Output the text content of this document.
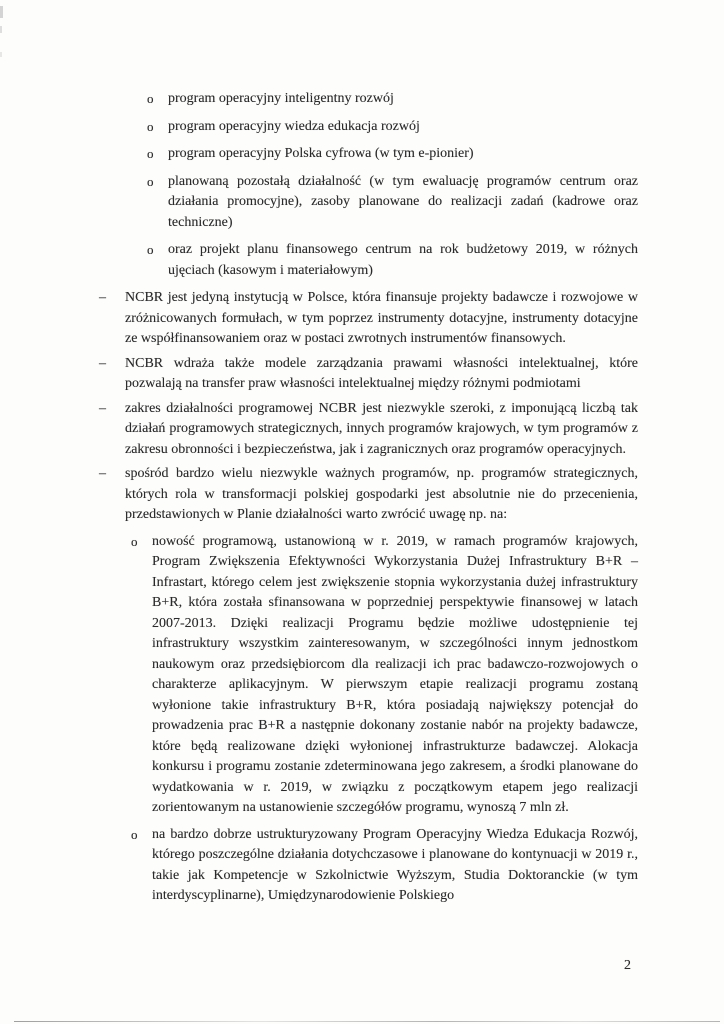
o	program operacyjny inteligentny rozwój
o	program operacyjny wiedza edukacja rozwój
o	program operacyjny Polska cyfrowa (w tym e-pionier)
o	planowaną pozostałą działalność (w tym ewaluację programów centrum oraz działania promocyjne), zasoby planowane do realizacji zadań (kadrowe oraz techniczne)
o	oraz projekt planu finansowego centrum na rok budżetowy 2019, w różnych ujęciach (kasowym i materiałowym)
–	NCBR jest jedyną instytucją w Polsce, która finansuje projekty badawcze i rozwojowe w zróżnicowanych formułach, w tym poprzez instrumenty dotacyjne, instrumenty dotacyjne ze współfinansowaniem oraz w postaci zwrotnych instrumentów finansowych.
–	NCBR wdraża także modele zarządzania prawami własności intelektualnej, które pozwalają na transfer praw własności intelektualnej między różnymi podmiotami
–	zakres działalności programowej NCBR jest niezwykle szeroki, z imponującą liczbą tak działań programowych strategicznych, innych programów krajowych, w tym programów z zakresu obronności i bezpieczeństwa, jak i zagranicznych oraz programów operacyjnych.
–	spośród bardzo wielu niezwykle ważnych programów, np. programów strategicznych, których rola w transformacji polskiej gospodarki jest absolutnie nie do przecenienia, przedstawionych w Planie działalności warto zwrócić uwagę np. na:
o	nowość programową, ustanowioną w r. 2019, w ramach programów krajowych, Program Zwiększenia Efektywności Wykorzystania Dużej Infrastruktury B+R – Infrastart, którego celem jest zwiększenie stopnia wykorzystania dużej infrastruktury B+R, która została sfinansowana w poprzedniej perspektywie finansowej w latach 2007-2013. Dzięki realizacji Programu będzie możliwe udostępnienie tej infrastruktury wszystkim zainteresowanym, w szczególności innym jednostkom naukowym oraz przedsiębiorcom dla realizacji ich prac badawczo-rozwojowych o charakterze aplikacyjnym. W pierwszym etapie realizacji programu zostaną wyłonione takie infrastruktury B+R, która posiadają największy potencjał do prowadzenia prac B+R a następnie dokonany zostanie nabór na projekty badawcze, które będą realizowane dzięki wyłonionej infrastrukturze badawczej. Alokacja konkursu i programu zostanie zdeterminowana jego zakresem, a środki planowane do wydatkowania w r. 2019, w związku z początkowym etapem jego realizacji zorientowanym na ustanowienie szczegółów programu, wynoszą 7 mln zł.
o	na bardzo dobrze ustrukturyzowany Program Operacyjny Wiedza Edukacja Rozwój, którego poszczególne działania dotychczasowe i planowane do kontynuacji w 2019 r., takie jak Kompetencje w Szkolnictwie Wyższym, Studia Doktoranckie (w tym interdyscyplinarne), Umiędzynarodowienie Polskiego
2
